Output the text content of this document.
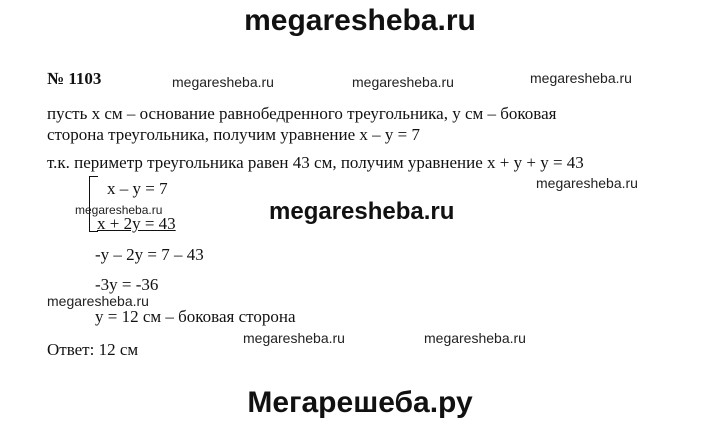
megaresheba.ru
№ 1103	megaresheba.ru	megaresheba.ru	megaresheba.ru
пусть x см – основание равнобедренного треугольника, y см – боковая
сторона треугольника, получим уравнение x – y = 7
т.к. периметр треугольника равен 43 см, получим уравнение x + y + y = 43
megaresheba.ru
x – y = 7
megaresheba.ru
x + 2y = 43	megaresheba.ru
-y – 2y = 7 – 43
-3y = -36
megaresheba.ru
y = 12 см – боковая сторона
Ответ: 12 см
megaresheba.ru	megaresheba.ru
Мегарешеба.ру
